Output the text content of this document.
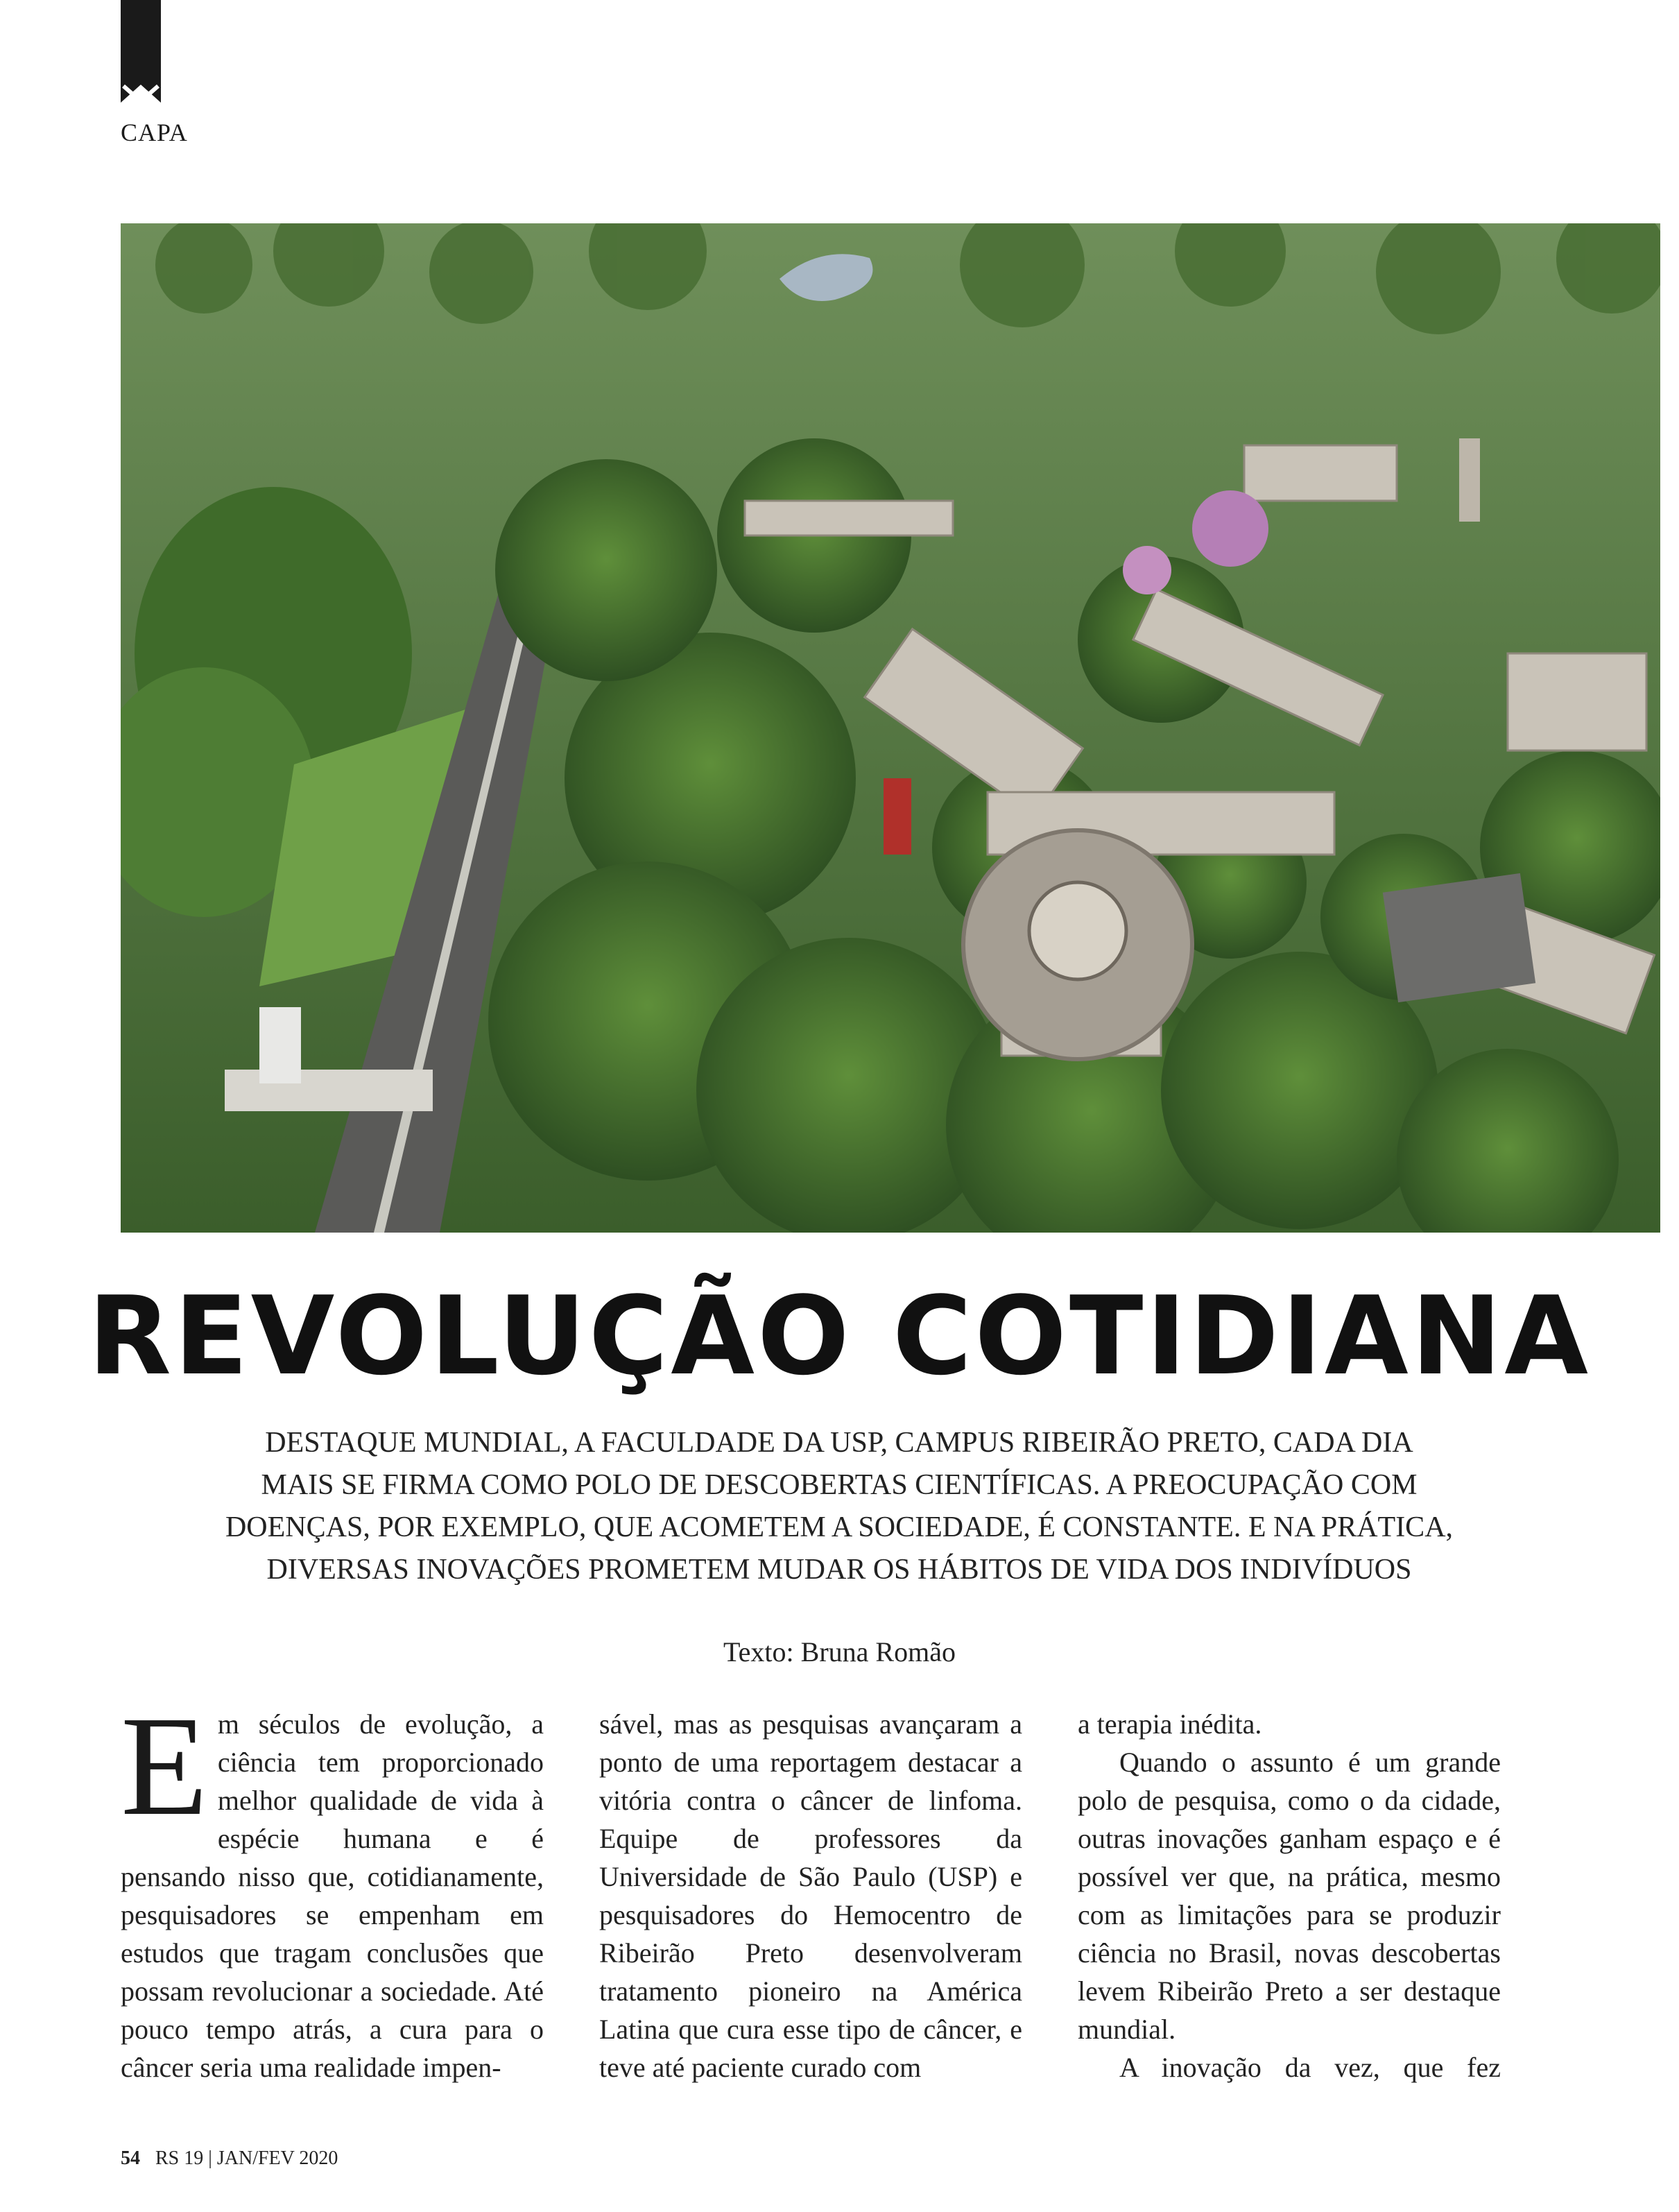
CAPA
REVOLUÇÃO COTIDIANA

DESTAQUE MUNDIAL, A FACULDADE DA USP, CAMPUS RIBEIRÃO PRETO, CADA DIA

MAIS SE FIRMA COMO POLO DE DESCOBERTAS CIENTÍFICAS. A PREOCUPAÇÃO COM

DOENÇAS, POR EXEMPLO, QUE ACOMETEM A SOCIEDADE, É CONSTANTE. E NA PRÁTICA,

DIVERSAS INOVAÇÕES PROMETEM MUDAR OS HÁBITOS DE VIDA DOS INDIVÍDUOS

Texto: Bruna Romão

Em séculos de evolução, a ciência tem proporcionado melhor qualidade de vida à espécie humana e é pensando nisso que, cotidianamente, pesquisadores se empenham em estudos que tragam conclusões que possam revolucionar a sociedade. Até pouco tempo atrás, a cura para o câncer seria uma realidade impen-

sável, mas as pesquisas avançaram a ponto de uma reportagem destacar a vitória contra o câncer de linfoma. Equipe de professores da Universidade de São Paulo (USP) e pesquisadores do Hemocentro de Ribeirão Preto desenvolveram tratamento pioneiro na América Latina que cura esse tipo de câncer, e teve até paciente curado com

a terapia inédita.

Quando o assunto é um grande polo de pesquisa, como o da cidade, outras inovações ganham espaço e é possível ver que, na prática, mesmo com as limitações para se produzir ciência no Brasil, novas descobertas levem Ribeirão Preto a ser destaque mundial.

A inovação da vez, que fez

54 RS 19 | JAN/FEV 2020
